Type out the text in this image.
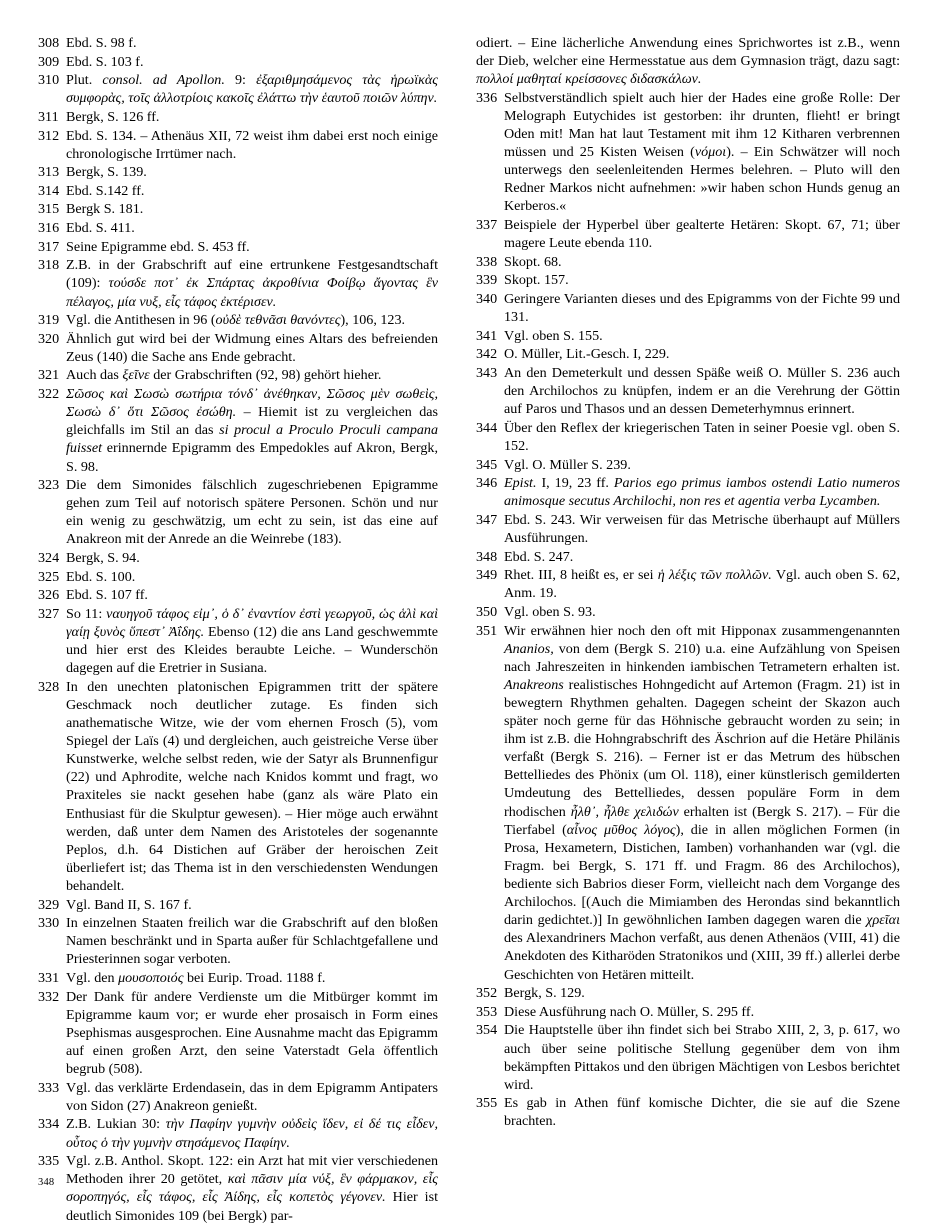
308 Ebd. S. 98 f.
309 Ebd. S. 103 f.
310 Plut. consol. ad Apollon. 9: ἐξαριθμησάμενος τὰς ἡρωϊκὰς συμφορὰς, τοῖς ἀλλοτρίοις κακοῖς ἐλάττω τὴν ἑαυτοῦ ποιῶν λύπην.
311 Bergk, S. 126 ff.
312 Ebd. S. 134. – Athenäus XII, 72 weist ihm dabei erst noch einige chronologische Irrtümer nach.
313 Bergk, S. 139.
314 Ebd. S.142 ff.
315 Bergk S. 181.
316 Ebd. S. 411.
317 Seine Epigramme ebd. S. 453 ff.
318 Z.B. in der Grabschrift auf eine ertrunkene Festgesandtschaft (109): τούσδε ποτ᾽ ἐκ Σπάρτας ἀκροθίνια Φοίβῳ ἄγοντας ἓν πέλαγος, μία νυξ, εἷς τάφος ἐκτέρισεν.
319 Vgl. die Antithesen in 96 (οὐδὲ τεθνᾶσι θανόντες), 106, 123.
320 Ähnlich gut wird bei der Widmung eines Altars des befreienden Zeus (140) die Sache ans Ende gebracht.
321 Auch das ξεῖνε der Grabschriften (92, 98) gehört hieher.
322 Σῶσος καὶ Σωσὼ σωτήρια τόνδ᾽ ἀνέθηκαν, Σῶσος μὲν σωθεὶς, Σωσὼ δ᾽ ὅτι Σῶσος ἐσώθη. – Hiemit ist zu vergleichen das gleichfalls im Stil an das si procul a Proculo Proculi campana fuisset erinnernde Epigramm des Empedokles auf Akron, Bergk, S. 98.
323 Die dem Simonides fälschlich zugeschriebenen Epigramme gehen zum Teil auf notorisch spätere Personen. Schön und nur ein wenig zu geschwätzig, um echt zu sein, ist das eine auf Anakreon mit der Anrede an die Weinrebe (183).
324 Bergk, S. 94.
325 Ebd. S. 100.
326 Ebd. S. 107 ff.
327 So 11: ναυηγοῦ τάφος εἰμ᾽, ὁ δ᾽ ἐναντίον ἐστὶ γεωργοῦ, ὡς ἁλὶ καὶ γαίῃ ξυνὸς ὕπεστ᾽ Ἀΐδης. Ebenso (12) die ans Land geschwemmte und hier erst des Kleides beraubte Leiche. – Wunderschön dagegen auf die Eretrier in Susiana.
328 In den unechten platonischen Epigrammen tritt der spätere Geschmack noch deutlicher zutage. Es finden sich anathematische Witze, wie der vom ehernen Frosch (5), vom Spiegel der Laïs (4) und dergleichen, auch geistreiche Verse über Kunstwerke, welche selbst reden, wie der Satyr als Brunnenfigur (22) und Aphrodite, welche nach Knidos kommt und fragt, wo Praxiteles sie nackt gesehen habe (ganz als wäre Plato ein Enthusiast für die Skulptur gewesen). – Hier möge auch erwähnt werden, daß unter dem Namen des Aristoteles der sogenannte Peplos, d.h. 64 Distichen auf Gräber der heroischen Zeit überliefert ist; das Thema ist in den verschiedensten Wendungen behandelt.
329 Vgl. Band II, S. 167 f.
330 In einzelnen Staaten freilich war die Grabschrift auf den bloßen Namen beschränkt und in Sparta außer für Schlachtgefallene und Priesterinnen sogar verboten.
331 Vgl. den μουσοποιός bei Eurip. Troad. 1188 f.
332 Der Dank für andere Verdienste um die Mitbürger kommt im Epigramme kaum vor; er wurde eher prosaisch in Form eines Psephismas ausgesprochen. Eine Ausnahme macht das Epigramm auf einen großen Arzt, den seine Vaterstadt Gela öffentlich begrub (508).
333 Vgl. das verklärte Erdendasein, das in dem Epigramm Antipaters von Sidon (27) Anakreon genießt.
334 Z.B. Lukian 30: τὴν Παφίην γυμνὴν οὐδεὶς ἴδεν, εἰ δέ τις εἶδεν, οὗτος ὁ τὴν γυμνὴν στησάμενος Παφίην.
335 Vgl. z.B. Anthol. Skopt. 122: ein Arzt hat mit vier verschiedenen Methoden ihrer 20 getötet, καὶ πᾶσιν μία νύξ, ἓν φάρμακον, εἷς σοροπηγός, εἷς τάφος, εἷς Ἀίδης, εἷς κοπετὸς γέγονεν. Hier ist deutlich Simonides 109 (bei Bergk) par-
odiert. – Eine lächerliche Anwendung eines Sprichwortes ist z.B., wenn der Dieb, welcher eine Hermesstatue aus dem Gymnasion trägt, dazu sagt: πολλοί μαθηταί κρείσσονες διδασκάλων.
336 Selbstverständlich spielt auch hier der Hades eine große Rolle: Der Melograph Eutychides ist gestorben: ihr drunten, flieht! er bringt Oden mit! Man hat laut Testament mit ihm 12 Kitharen verbrennen müssen und 25 Kisten Weisen (νόμοι). – Ein Schwätzer will noch unterwegs den seelenleitenden Hermes belehren. – Pluto will den Redner Markos nicht aufnehmen: »wir haben schon Hunds genug an Kerberos.«
337 Beispiele der Hyperbel über gealterte Hetären: Skopt. 67, 71; über magere Leute ebenda 110.
338 Skopt. 68.
339 Skopt. 157.
340 Geringere Varianten dieses und des Epigramms von der Fichte 99 und 131.
341 Vgl. oben S. 155.
342 O. Müller, Lit.-Gesch. I, 229.
343 An den Demeterkult und dessen Späße weiß O. Müller S. 236 auch den Archilochos zu knüpfen, indem er an die Verehrung der Göttin auf Paros und Thasos und an dessen Demeterhymnus erinnert.
344 Über den Reflex der kriegerischen Taten in seiner Poesie vgl. oben S. 152.
345 Vgl. O. Müller S. 239.
346 Epist. I, 19, 23 ff. Parios ego primus iambos ostendi Latio numeros animosque secutus Archilochi, non res et agentia verba Lycamben.
347 Ebd. S. 243. Wir verweisen für das Metrische überhaupt auf Müllers Ausführungen.
348 Ebd. S. 247.
349 Rhet. III, 8 heißt es, er sei ἡ λέξις τῶν πολλῶν. Vgl. auch oben S. 62, Anm. 19.
350 Vgl. oben S. 93.
351 Wir erwähnen hier noch den oft mit Hipponax zusammengenannten Ananios, von dem (Bergk S. 210) u.a. eine Aufzählung von Speisen nach Jahreszeiten in hinkenden iambischen Tetrametern erhalten ist. Anakreons realistisches Hohngedicht auf Artemon (Fragm. 21) ist in bewegtern Rhythmen gehalten. Dagegen scheint der Skazon auch später noch gerne für das Höhnische gebraucht worden zu sein; in ihm ist z.B. die Hohngrabschrift des Äschrion auf die Hetäre Philänis verfaßt (Bergk S. 216). – Ferner ist er das Metrum des hübschen Bettelliedes des Phönix (um Ol. 118), einer künstlerisch gemilderten Umdeutung des Bettelliedes, dessen populäre Form in dem rhodischen ἦλθ᾽, ἦλθε χελιδών erhalten ist (Bergk S. 217). – Für die Tierfabel (αἶνος μῦθος λόγος), die in allen möglichen Formen (in Prosa, Hexametern, Distichen, Iamben) vorhanhanden war (vgl. die Fragm. bei Bergk, S. 171 ff. und Fragm. 86 des Archilochos), bediente sich Babrios dieser Form, vielleicht nach dem Vorgange des Archilochos. [(Auch die Mimiamben des Herondas sind bekanntlich darin gedichtet.)] In gewöhnlichen Iamben dagegen waren die χρεῖαι des Alexandriners Machon verfaßt, aus denen Athenäos (VIII, 41) die Anekdoten des Kitharöden Stratonikos und (XIII, 39 ff.) allerlei derbe Geschichten von Hetären mitteilt.
352 Bergk, S. 129.
353 Diese Ausführung nach O. Müller, S. 295 ff.
354 Die Hauptstelle über ihn findet sich bei Strabo XIII, 2, 3, p. 617, wo auch über seine politische Stellung gegenüber dem von ihm bekämpften Pittakos und den übrigen Mächtigen von Lesbos berichtet wird.
355 Es gab in Athen fünf komische Dichter, die sie auf die Szene brachten.
348
